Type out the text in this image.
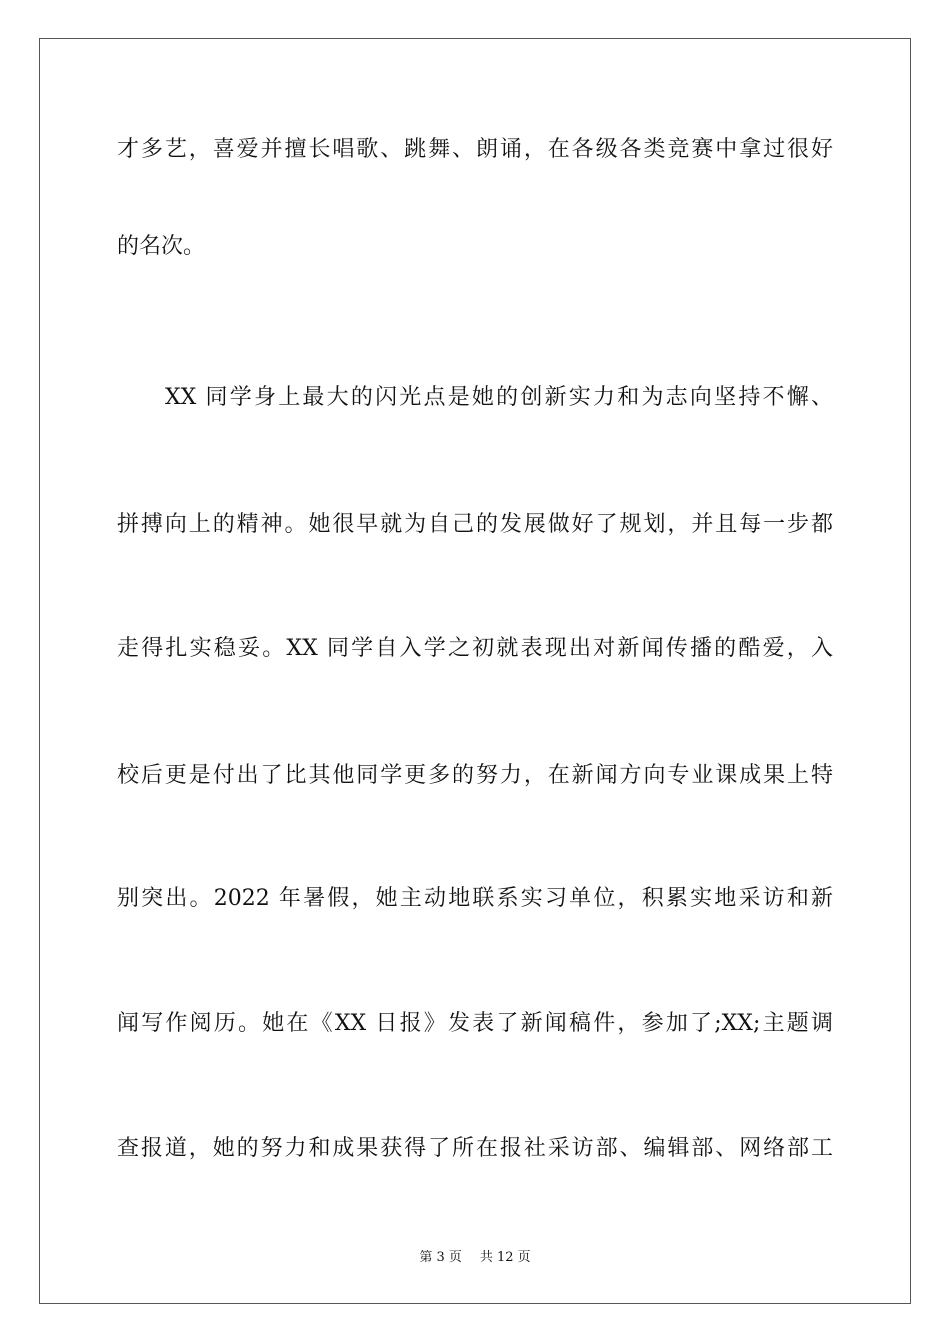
才多艺，喜爱并擅长唱歌、跳舞、朗诵，在各级各类竞赛中拿过很好

的名次。

XX 同学身上最大的闪光点是她的创新实力和为志向坚持不懈、

拼搏向上的精神。她很早就为自己的发展做好了规划，并且每一步都

走得扎实稳妥。XX 同学自入学之初就表现出对新闻传播的酷爱，入

校后更是付出了比其他同学更多的努力，在新闻方向专业课成果上特

别突出。2022 年暑假，她主动地联系实习单位，积累实地采访和新

闻写作阅历。她在《XX 日报》发表了新闻稿件，参加了;XX;主题调

查报道，她的努力和成果获得了所在报社采访部、编辑部、网络部工

第 3 页 共 12 页
